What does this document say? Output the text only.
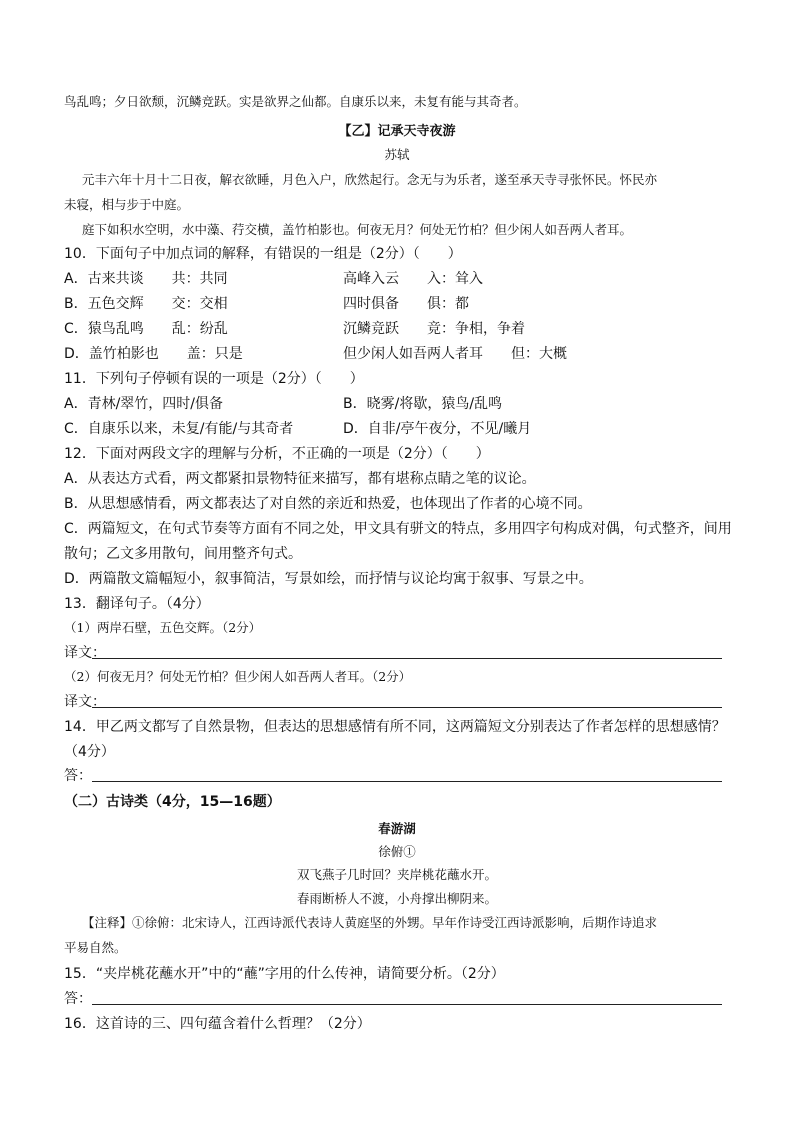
鸟乱鸣；夕日欲颓，沉鳞竞跃。实是欲界之仙都。自康乐以来，未复有能与其奇者。
【乙】记承天寺夜游
苏轼
元丰六年十月十二日夜，解衣欲睡，月色入户，欣然起行。念无与为乐者，遂至承天寺寻张怀民。怀民亦
未寝，相与步于中庭。
庭下如积水空明，水中藻、荇交横，盖竹柏影也。何夜无月？何处无竹柏？但少闲人如吾两人者耳。
10．下面句子中加点词的解释，有错误的一组是（2分）（　　）
A．古来共谈　　共：共同	高峰入云　　入：耸入
B．五色交辉　　交：交相	四时俱备　　俱：都
C．猿鸟乱鸣　　乱：纷乱	沉鳞竞跃　　竞：争相，争着
D．盖竹柏影也　　盖：只是	但少闲人如吾两人者耳　　但：大概
11．下列句子停顿有误的一项是（2分）（　　）
A．青林/翠竹，四时/俱备	B．晓雾/将歇，猿鸟/乱鸣
C．自康乐以来，未复/有能/与其奇者	D．自非/亭午夜分，不见/曦月
12．下面对两段文字的理解与分析，不正确的一项是（2分）（　　）
A．从表达方式看，两文都紧扣景物特征来描写，都有堪称点睛之笔的议论。
B．从思想感情看，两文都表达了对自然的亲近和热爱，也体现出了作者的心境不同。
C．两篇短文，在句式节奏等方面有不同之处，甲文具有骈文的特点，多用四字句构成对偶，句式整齐，间用
散句；乙文多用散句，间用整齐句式。
D．两篇散文篇幅短小，叙事简洁，写景如绘，而抒情与议论均寓于叙事、写景之中。
13．翻译句子。（4分）
（1）两岸石壁，五色交辉。（2分）
译文：
（2）何夜无月？何处无竹柏？但少闲人如吾两人者耳。（2分）
译文：
14．甲乙两文都写了自然景物，但表达的思想感情有所不同，这两篇短文分别表达了作者怎样的思想感情？
（4分）
答：
（二）古诗类（4分，15—16题）
春游湖
徐俯①
双飞燕子几时回？夹岸桃花蘸水开。
春雨断桥人不渡，小舟撑出柳阴来。
【注释】①徐俯：北宋诗人，江西诗派代表诗人黄庭坚的外甥。早年作诗受江西诗派影响，后期作诗追求
平易自然。
15．“夹岸桃花蘸水开”中的“蘸”字用的什么传神，请简要分析。（2分）
答：
16．这首诗的三、四句蕴含着什么哲理？（2分）
